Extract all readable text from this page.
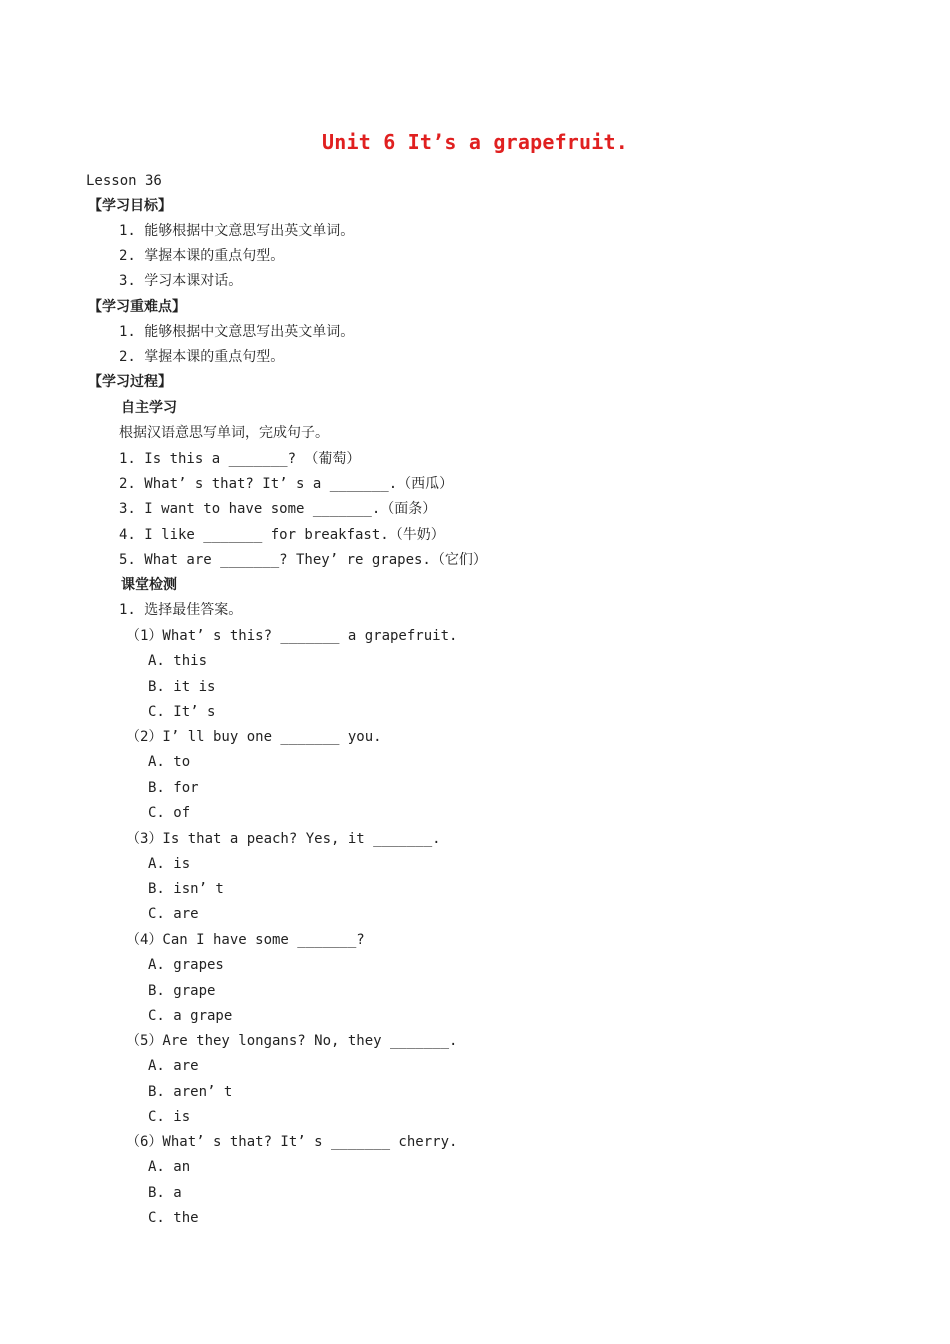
Unit 6 It’s a grapefruit.
Lesson 36
【学习目标】
1. 能够根据中文意思写出英文单词。
2. 掌握本课的重点句型。
3. 学习本课对话。
【学习重难点】
1. 能够根据中文意思写出英文单词。
2. 掌握本课的重点句型。
【学习过程】
自主学习
根据汉语意思写单词，完成句子。
1. Is this a _______? （葡萄）
2. What’ s that? It’ s a _______.（西瓜）
3. I want to have some _______.（面条）
4. I like _______ for breakfast.（牛奶）
5. What are _______? They’ re grapes.（它们）
课堂检测
1. 选择最佳答案。
（1）What’ s this? _______ a grapefruit.
A. this
B. it is
C. It’ s
（2）I’ ll buy one _______ you.
A. to
B. for
C. of
（3）Is that a peach? Yes, it _______.
A. is
B. isn’ t
C. are
（4）Can I have some _______?
A. grapes
B. grape
C. a grape
（5）Are they longans? No, they _______.
A. are
B. aren’ t
C. is
（6）What’ s that? It’ s _______ cherry.
A. an
B. a
C. the
